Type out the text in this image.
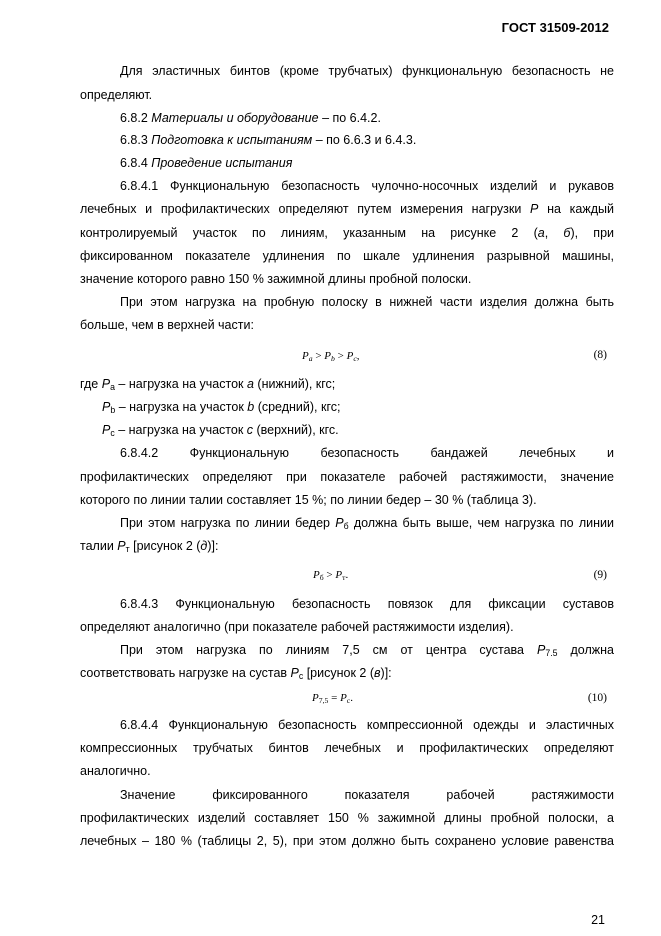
ГОСТ 31509-2012
Для эластичных бинтов (кроме трубчатых) функциональную безопасность не
определяют.
6.8.2 Материалы и оборудование – по 6.4.2.
6.8.3 Подготовка к испытаниям – по 6.6.3 и 6.4.3.
6.8.4 Проведение испытания
6.8.4.1 Функциональную безопасность чулочно-носочных изделий и рукавов
лечебных и профилактических определяют путем измерения нагрузки P на каждый
контролируемый участок по линиям, указанным на рисунке 2 (а, б), при
фиксированном показателе удлинения по шкале удлинения разрывной машины,
значение которого равно 150 % зажимной длины пробной полоски.
При этом нагрузка на пробную полоску в нижней части изделия должна быть
больше, чем в верхней части:
$P_a > P_b > P_c$,	(8)
где $P_a$ – нагрузка на участок a (нижний), кгс;
$P_b$ – нагрузка на участок b (средний), кгс;
$P_c$ – нагрузка на участок c (верхний), кгс.
6.8.4.2 Функциональную безопасность бандажей лечебных и
профилактических определяют при показателе рабочей растяжимости, значение
которого по линии талии составляет 15 %; по линии бедер – 30 % (таблица 3).
При этом нагрузка по линии бедер $P_б$ должна быть выше, чем нагрузка по линии
талии $P_т$ [рисунок 2 (д)]:
$P_б > P_т$.	(9)
6.8.4.3 Функциональную безопасность повязок для фиксации суставов
определяют аналогично (при показателе рабочей растяжимости изделия).
При этом нагрузка по линиям 7,5 см от центра сустава $P_{7.5}$ должна
соответствовать нагрузке на сустав $P_c$ [рисунок 2 (в)]:
$P_{7,5} = P_c$.	(10)
6.8.4.4 Функциональную безопасность компрессионной одежды и эластичных
компрессионных трубчатых бинтов лечебных и профилактических определяют
аналогично.
Значение фиксированного показателя рабочей растяжимости
профилактических изделий составляет 150 % зажимной длины пробной полоски, а
лечебных – 180 % (таблицы 2, 5), при этом должно быть сохранено условие равенства
21
